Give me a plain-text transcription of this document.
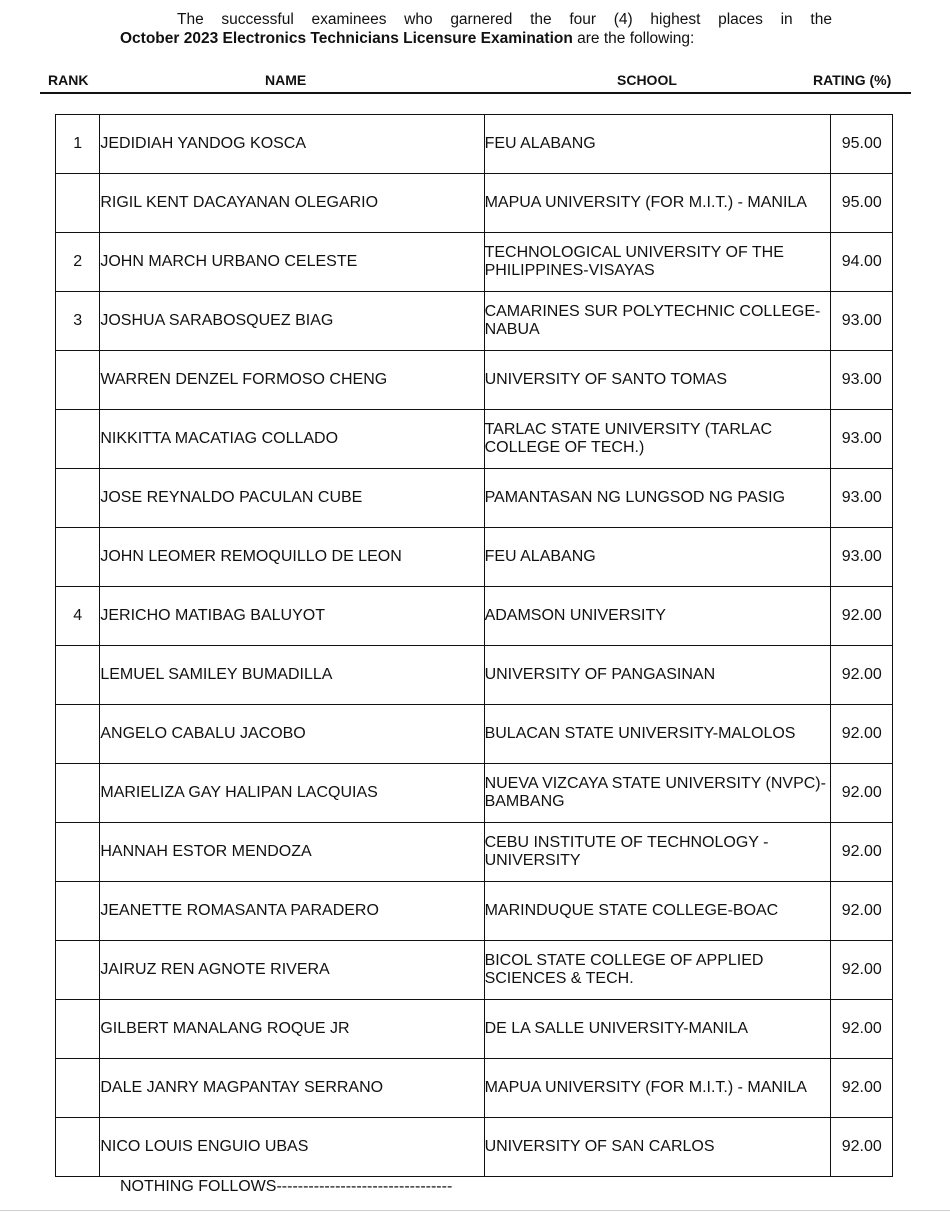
The successful examinees who garnered the four (4) highest places in the
October 2023 Electronics Technicians Licensure Examination are the following:
RANK	NAME	SCHOOL	RATING (%)
1	JEDIDIAH YANDOG KOSCA	FEU ALABANG	95.00
	RIGIL KENT DACAYANAN OLEGARIO	MAPUA UNIVERSITY (FOR M.I.T.) - MANILA	95.00
2	JOHN MARCH URBANO CELESTE	TECHNOLOGICAL UNIVERSITY OF THE PHILIPPINES-VISAYAS	94.00
3	JOSHUA SARABOSQUEZ BIAG	CAMARINES SUR POLYTECHNIC COLLEGE-NABUA	93.00
	WARREN DENZEL FORMOSO CHENG	UNIVERSITY OF SANTO TOMAS	93.00
	NIKKITTA MACATIAG COLLADO	TARLAC STATE UNIVERSITY (TARLAC COLLEGE OF TECH.)	93.00
	JOSE REYNALDO PACULAN CUBE	PAMANTASAN NG LUNGSOD NG PASIG	93.00
	JOHN LEOMER REMOQUILLO DE LEON	FEU ALABANG	93.00
4	JERICHO MATIBAG BALUYOT	ADAMSON UNIVERSITY	92.00
	LEMUEL SAMILEY BUMADILLA	UNIVERSITY OF PANGASINAN	92.00
	ANGELO CABALU JACOBO	BULACAN STATE UNIVERSITY-MALOLOS	92.00
	MARIELIZA GAY HALIPAN LACQUIAS	NUEVA VIZCAYA STATE UNIVERSITY (NVPC)-BAMBANG	92.00
	HANNAH ESTOR MENDOZA	CEBU INSTITUTE OF TECHNOLOGY - UNIVERSITY	92.00
	JEANETTE ROMASANTA PARADERO	MARINDUQUE STATE COLLEGE-BOAC	92.00
	JAIRUZ REN AGNOTE RIVERA	BICOL STATE COLLEGE OF APPLIED SCIENCES & TECH.	92.00
	GILBERT MANALANG ROQUE JR	DE LA SALLE UNIVERSITY-MANILA	92.00
	DALE JANRY MAGPANTAY SERRANO	MAPUA UNIVERSITY (FOR M.I.T.) - MANILA	92.00
	NICO LOUIS ENGUIO UBAS	UNIVERSITY OF SAN CARLOS	92.00
NOTHING FOLLOWS---------------------------------
